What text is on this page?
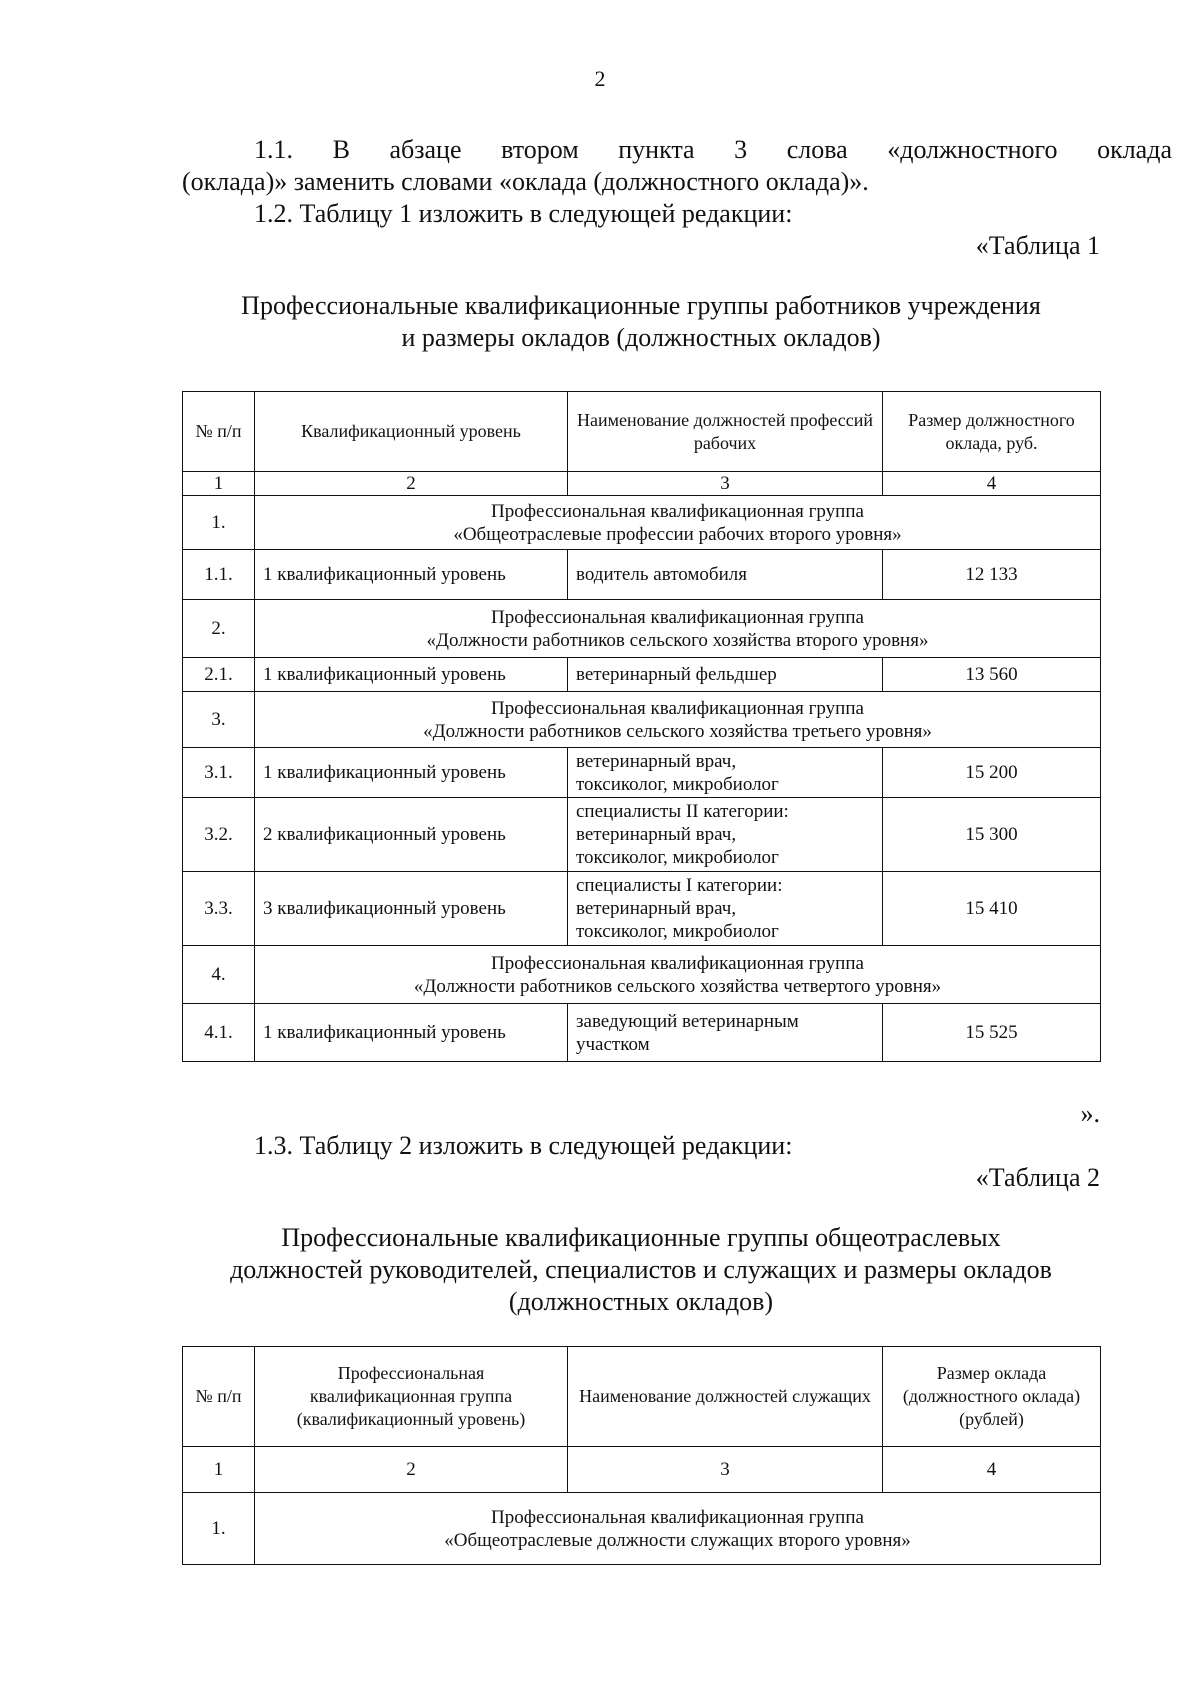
2
1.1. В абзаце втором пункта 3 слова «должностного оклада
(оклада)» заменить словами «оклада (должностного оклада)».
1.2. Таблицу 1 изложить в следующей редакции:
«Таблица 1
Профессиональные квалификационные группы работников учреждения
и размеры окладов (должностных окладов)
№ п/п	Квалификационный уровень	Наименование должностей профессий рабочих	Размер должностного оклада, руб.
1	2	3	4
1.	Профессиональная квалификационная группа
«Общеотраслевые профессии рабочих второго уровня»		

1.1.	1 квалификационный уровень	водитель автомобиля	12 133
2.	Профессиональная квалификационная группа
«Должности работников сельского хозяйства второго уровня»		

2.1.	1 квалификационный уровень	ветеринарный фельдшер	13 560
3.	Профессиональная квалификационная группа
«Должности работников сельского хозяйства третьего уровня»		

3.1.	1 квалификационный уровень	ветеринарный врач,
токсиколог, микробиолог	15 200
3.2.	2 квалификационный уровень	специалисты II категории:
ветеринарный врач,
токсиколог, микробиолог	15 300
3.3.	3 квалификационный уровень	специалисты I категории:
ветеринарный врач,
токсиколог, микробиолог	15 410
4.	Профессиональная квалификационная группа
«Должности работников сельского хозяйства четвертого уровня»		

4.1.	1 квалификационный уровень	заведующий ветеринарным
участком	15 525
».
1.3. Таблицу 2 изложить в следующей редакции:
«Таблица 2
Профессиональные квалификационные группы общеотраслевых
должностей руководителей, специалистов и служащих и размеры окладов
(должностных окладов)
№ п/п	Профессиональная квалификационная группа (квалификационный уровень)	Наименование должностей служащих	Размер оклада (должностного оклада) (рублей)
1	2	3	4
1.	Профессиональная квалификационная группа
«Общеотраслевые должности служащих второго уровня»		
